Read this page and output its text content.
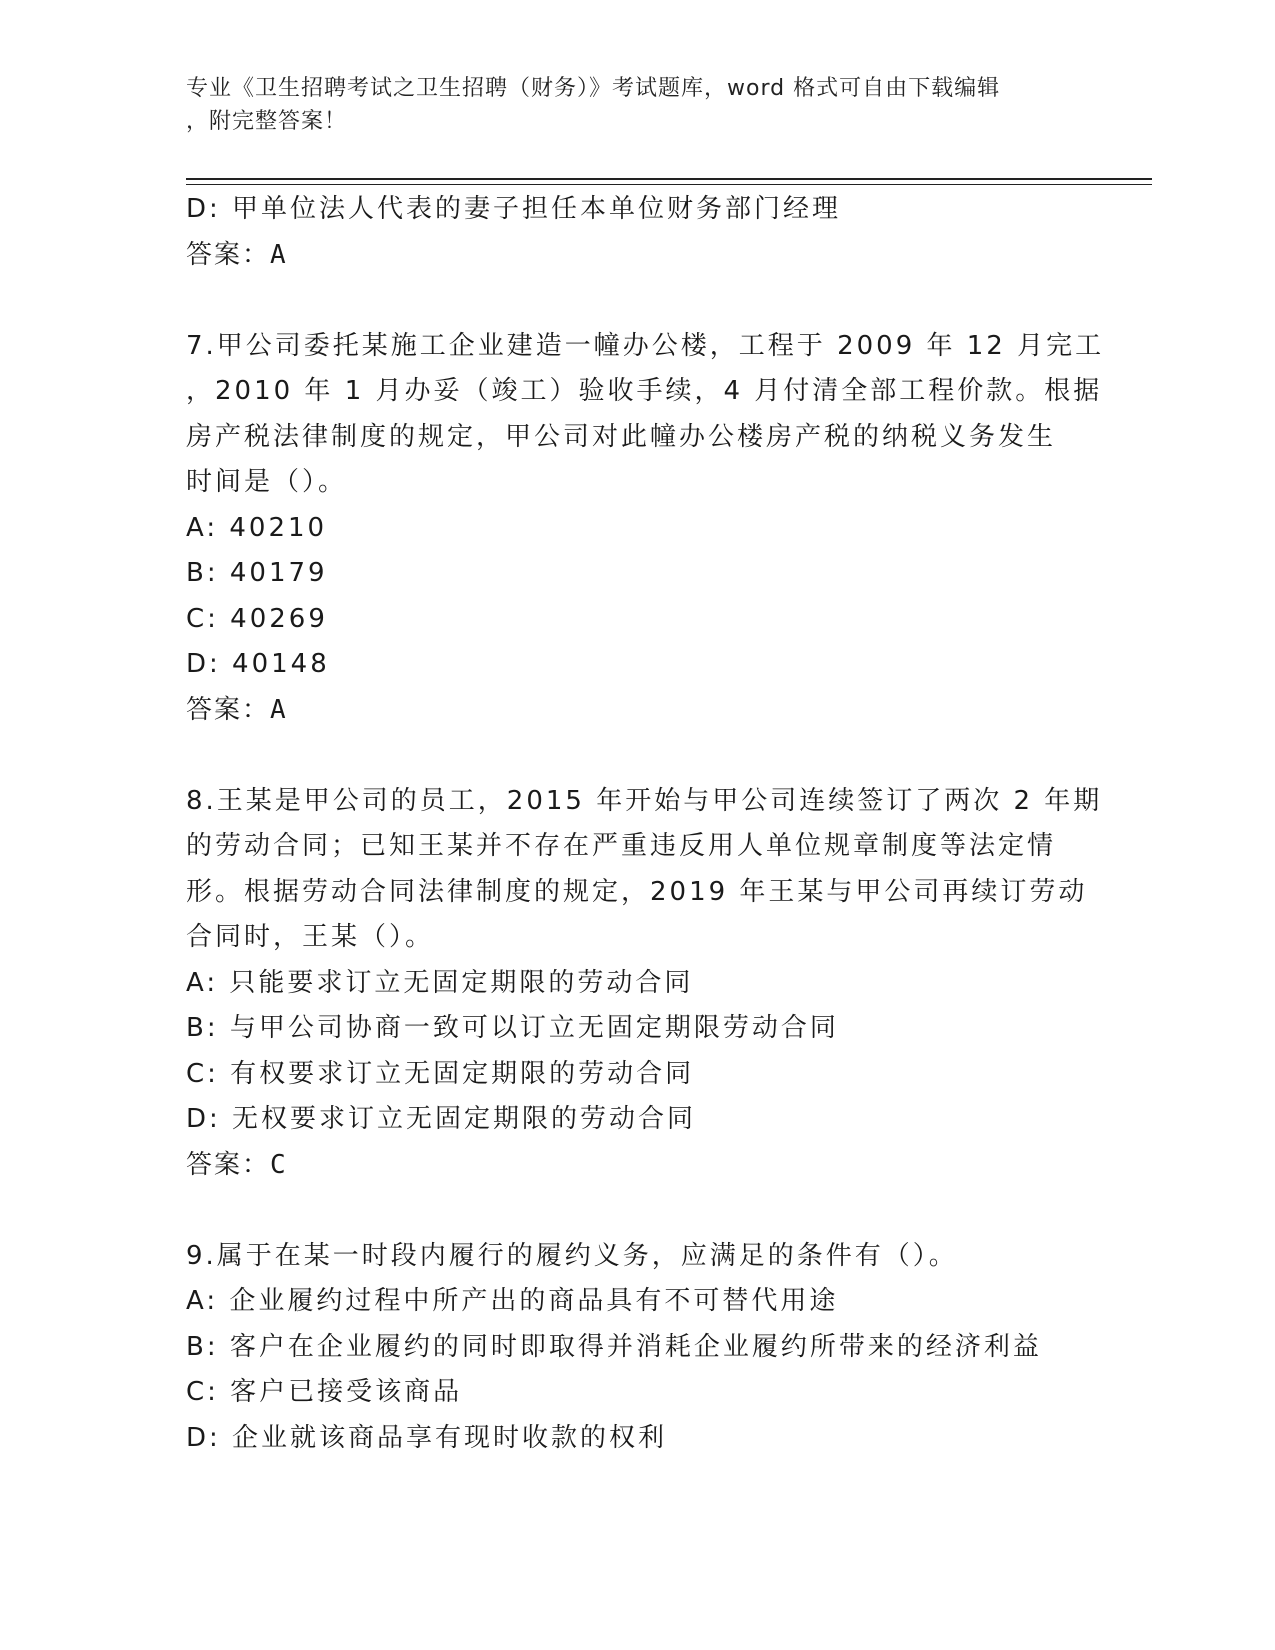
专业《卫生招聘考试之卫生招聘（财务）》考试题库，word 格式可自由下载编辑
，附完整答案！
D: 甲单位法人代表的妻子担任本单位财务部门经理
答案：A
7.甲公司委托某施工企业建造一幢办公楼，工程于 2009 年 12 月完工
，2010 年 1 月办妥（竣工）验收手续，4 月付清全部工程价款。根据
房产税法律制度的规定，甲公司对此幢办公楼房产税的纳税义务发生
时间是（）。
A: 40210
B: 40179
C: 40269
D: 40148
答案：A
8.王某是甲公司的员工，2015 年开始与甲公司连续签订了两次 2 年期
的劳动合同；已知王某并不存在严重违反用人单位规章制度等法定情
形。根据劳动合同法律制度的规定，2019 年王某与甲公司再续订劳动
合同时，王某（）。
A: 只能要求订立无固定期限的劳动合同
B: 与甲公司协商一致可以订立无固定期限劳动合同
C: 有权要求订立无固定期限的劳动合同
D: 无权要求订立无固定期限的劳动合同
答案：C
9.属于在某一时段内履行的履约义务，应满足的条件有（）。
A: 企业履约过程中所产出的商品具有不可替代用途
B: 客户在企业履约的同时即取得并消耗企业履约所带来的经济利益
C: 客户已接受该商品
D: 企业就该商品享有现时收款的权利
